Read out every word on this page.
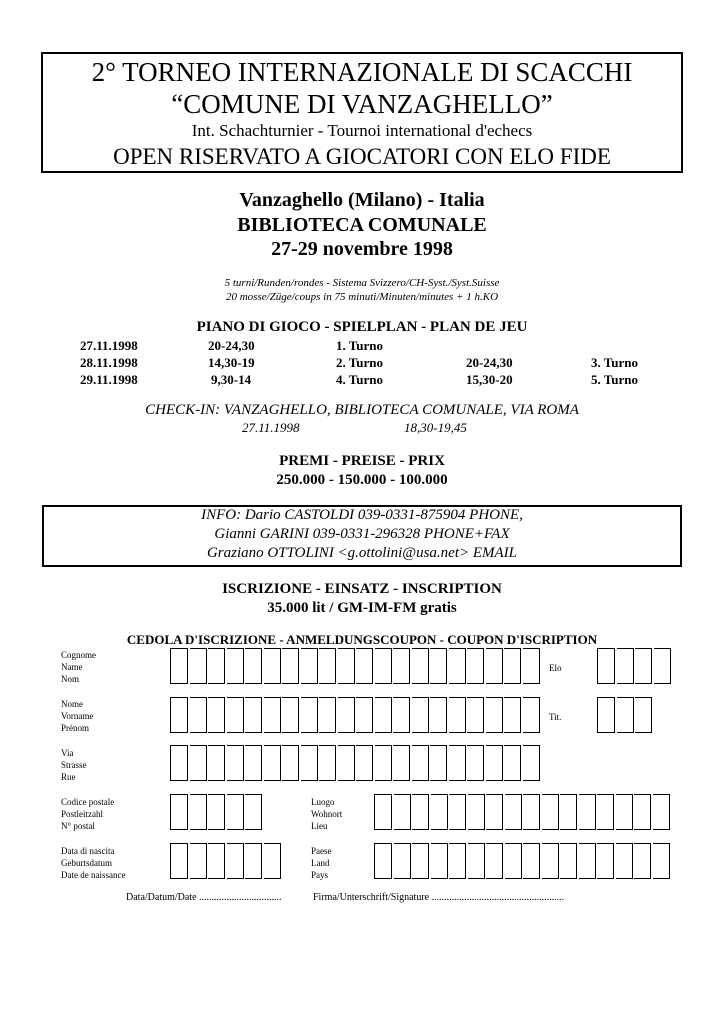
2° TORNEO INTERNAZIONALE DI SCACCHI
“COMUNE DI VANZAGHELLO”
Int. Schachturnier - Tournoi international d'echecs
OPEN RISERVATO A GIOCATORI CON ELO FIDE
Vanzaghello (Milano) - Italia
BIBLIOTECA COMUNALE
27-29 novembre 1998
5 turni/Runden/rondes - Sistema Svizzero/CH-Syst./Syst.Suisse
20 mosse/Züge/coups in 75 minuti/Minuten/minutes + 1 h.KO
PIANO DI GIOCO - SPIELPLAN - PLAN DE JEU
27.11.1998	20-24,30	1. Turno
28.11.1998	14,30-19	2. Turno	20-24,30	3. Turno
29.11.1998	9,30-14	4. Turno	15,30-20	5. Turno
CHECK-IN: VANZAGHELLO, BIBLIOTECA COMUNALE, VIA ROMA
27.11.1998	18,30-19,45
PREMI - PREISE - PRIX
250.000 - 150.000 - 100.000
INFO: Dario CASTOLDI 039-0331-875904 PHONE,
Gianni GARINI 039-0331-296328 PHONE+FAX
Graziano OTTOLINI <g.ottolini@usa.net> EMAIL
ISCRIZIONE - EINSATZ - INSCRIPTION
35.000 lit / GM-IM-FM gratis
CEDOLA D'ISCRIZIONE - ANMELDUNGSCOUPON - COUPON D'ISCRIPTION
Cognome
Name
Nom
Elo
Nome
Vorname
Prénom
Tit.
Via
Strasse
Rue
Codice postale
Postleitzahl
N° postal
Luogo
Wohnort
Lieu
Data di nascita
Geburtsdatum
Date de naissance
Paese
Land
Pays
Data/Datum/Date .................................	Firma/Unterschrift/Signature .....................................................
